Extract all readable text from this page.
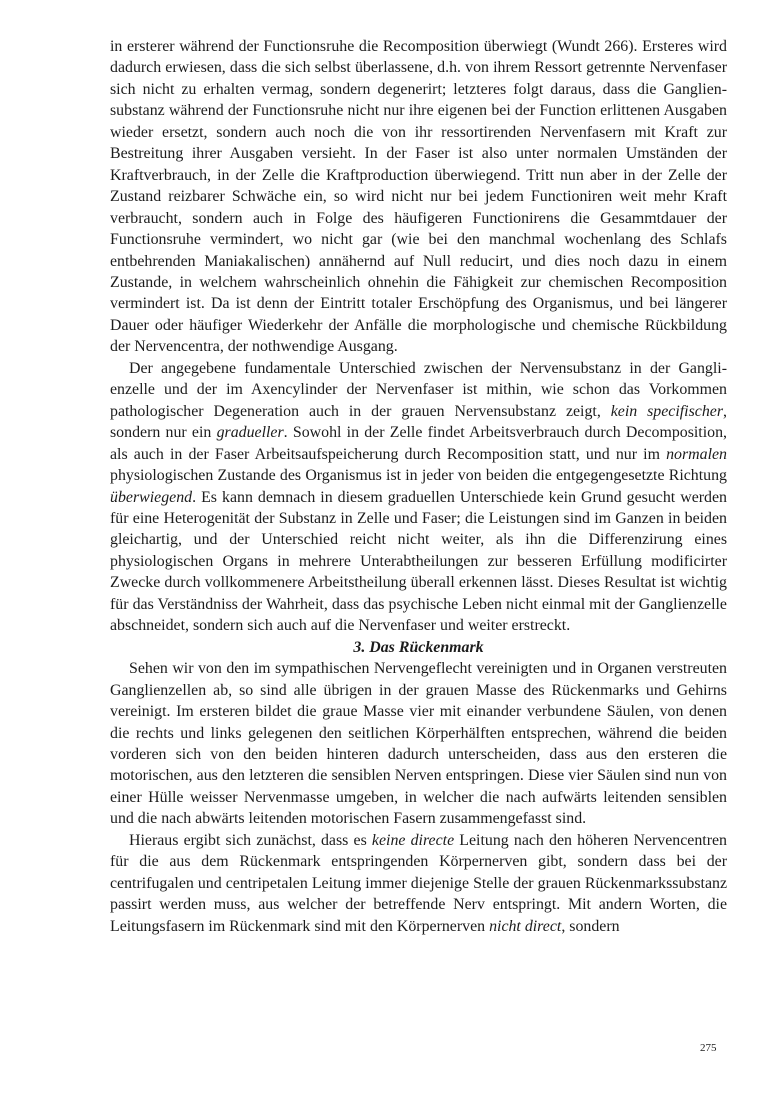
in ersterer während der Functionsruhe die Recomposition überwiegt (Wundt 266). Ersteres wird dadurch erwiesen, dass die sich selbst überlassene, d.h. von ihrem Ressort getrennte Nervenfaser sich nicht zu erhalten vermag, sondern degenerirt; letzteres folgt daraus, dass die Gangliensubstanz während der Functionsruhe nicht nur ihre eigenen bei der Function erlittenen Ausgaben wieder ersetzt, sondern auch noch die von ihr ressortirenden Nervenfasern mit Kraft zur Bestreitung ihrer Ausgaben versieht. In der Faser ist also unter normalen Umständen der Kraftverbrauch, in der Zelle die Kraftproduction überwiegend. Tritt nun aber in der Zelle der Zustand reizbarer Schwäche ein, so wird nicht nur bei jedem Functioniren weit mehr Kraft verbraucht, sondern auch in Folge des häufigeren Functionirens die Gesammtdauer der Functionsruhe vermindert, wo nicht gar (wie bei den manchmal wochenlang des Schlafs entbehrenden Maniakalischen) annähernd auf Null reducirt, und dies noch dazu in einem Zustande, in welchem wahrscheinlich ohnehin die Fähigkeit zur chemischen Recomposition vermindert ist. Da ist denn der Eintritt totaler Erschöpfung des Organismus, und bei längerer Dauer oder häufiger Wiederkehr der Anfälle die morphologische und chemische Rückbildung der Nervencentra, der nothwendige Ausgang.

Der angegebene fundamentale Unterschied zwischen der Nervensubstanz in der Ganglienzelle und der im Axencylinder der Nervenfaser ist mithin, wie schon das Vorkommen pathologischer Degeneration auch in der grauen Nervensubstanz zeigt, kein specifischer, sondern nur ein gradueller. Sowohl in der Zelle findet Arbeitsverbrauch durch Decomposition, als auch in der Faser Arbeitsaufspeicherung durch Recomposition statt, und nur im normalen physiologischen Zustande des Organismus ist in jeder von beiden die entgegengesetzte Richtung überwiegend. Es kann demnach in diesem graduellen Unterschiede kein Grund gesucht werden für eine Heterogenität der Substanz in Zelle und Faser; die Leistungen sind im Ganzen in beiden gleichartig, und der Unterschied reicht nicht weiter, als ihn die Differenzirung eines physiologischen Organs in mehrere Unterabtheilungen zur besseren Erfüllung modificirter Zwecke durch vollkommenere Arbeitstheilung überall erkennen lässt. Dieses Resultat ist wichtig für das Verständniss der Wahrheit, dass das psychische Leben nicht einmal mit der Ganglienzelle abschneidet, sondern sich auch auf die Nervenfaser und weiter erstreckt.

3. Das Rückenmark

Sehen wir von den im sympathischen Nervengeflecht vereinigten und in Organen verstreuten Ganglienzellen ab, so sind alle übrigen in der grauen Masse des Rückenmarks und Gehirns vereinigt. Im ersteren bildet die graue Masse vier mit einander verbundene Säulen, von denen die rechts und links gelegenen den seitlichen Körperhälften entsprechen, während die beiden vorderen sich von den beiden hinteren dadurch unterscheiden, dass aus den ersteren die motorischen, aus den letzteren die sensiblen Nerven entspringen. Diese vier Säulen sind nun von einer Hülle weisser Nervenmasse umgeben, in welcher die nach aufwärts leitenden sensiblen und die nach abwärts leitenden motorischen Fasern zusammengefasst sind.

Hieraus ergibt sich zunächst, dass es keine directe Leitung nach den höheren Nervencentren für die aus dem Rückenmark entspringenden Körpernerven gibt, sondern dass bei der centrifugalen und centripetalen Leitung immer diejenige Stelle der grauen Rückenmarkssubstanz passirt werden muss, aus welcher der betreffende Nerv entspringt. Mit andern Worten, die Leitungsfasern im Rückenmark sind mit den Körpernerven nicht direct, sondern

275
